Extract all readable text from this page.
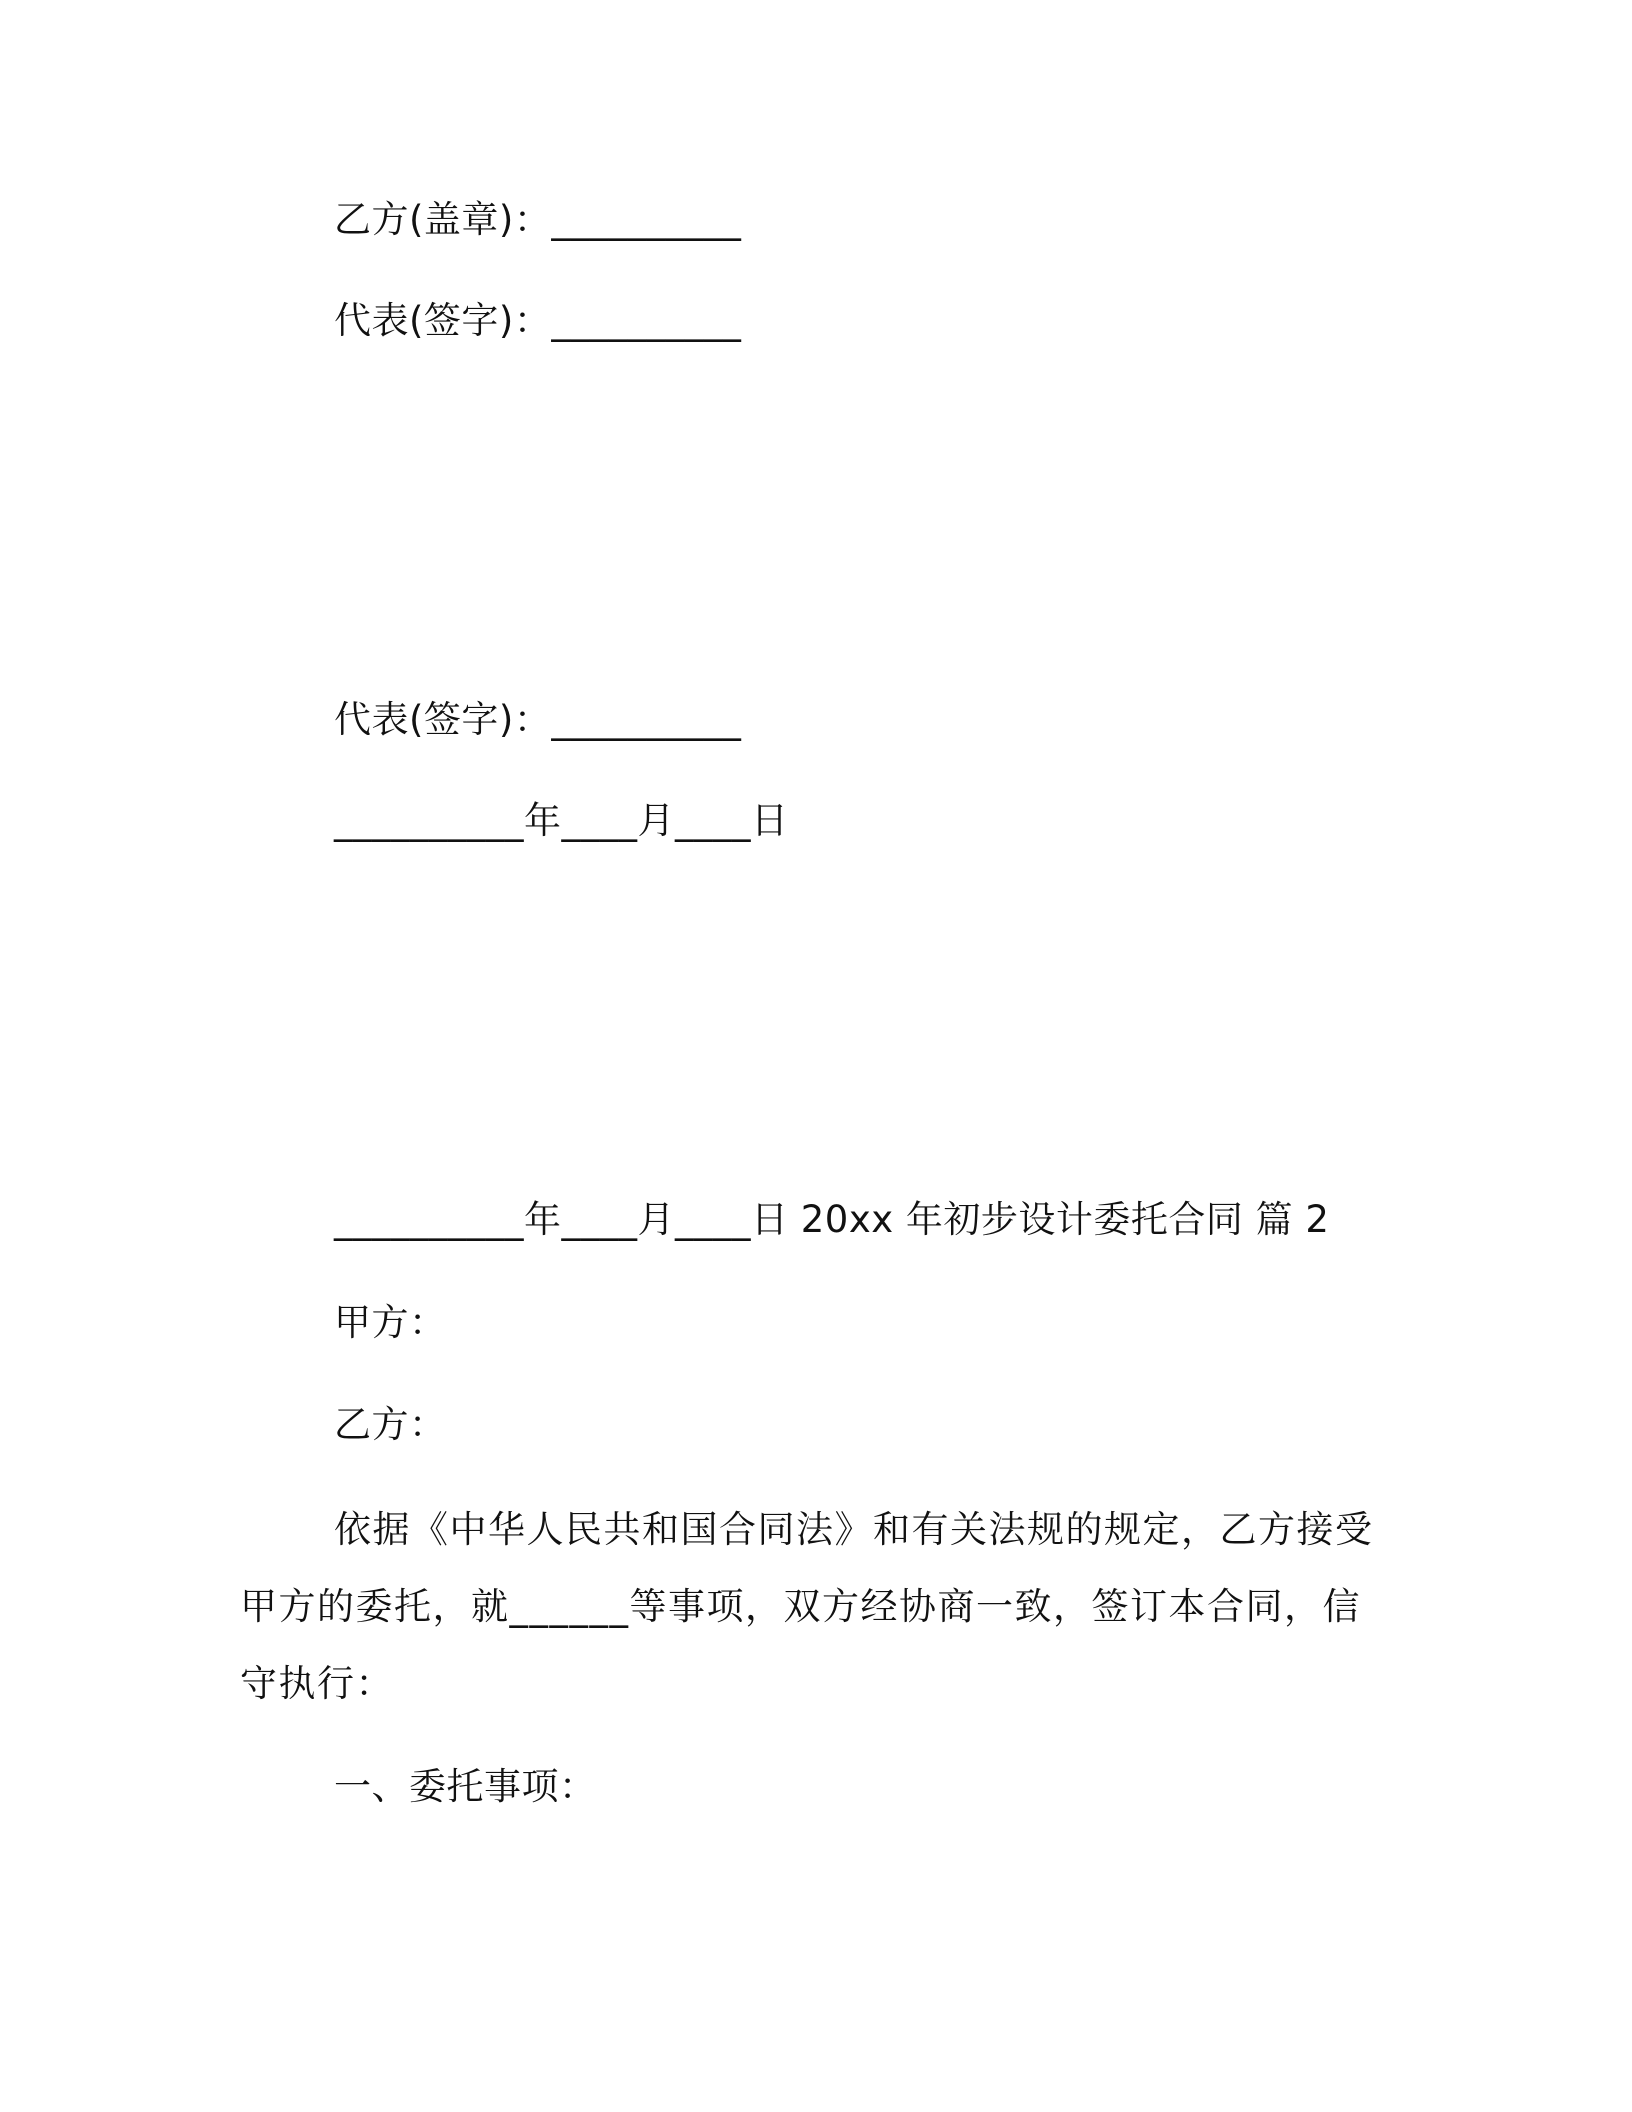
乙方(盖章)：__________
代表(签字)：__________
代表(签字)：__________
__________年____月____日
__________年____月____日 20xx 年初步设计委托合同 篇 2
甲方：
乙方：
依据《中华人民共和国合同法》和有关法规的规定，乙方接受甲方的委托，就______等事项，双方经协商一致，签订本合同，信守执行：
一、委托事项：
